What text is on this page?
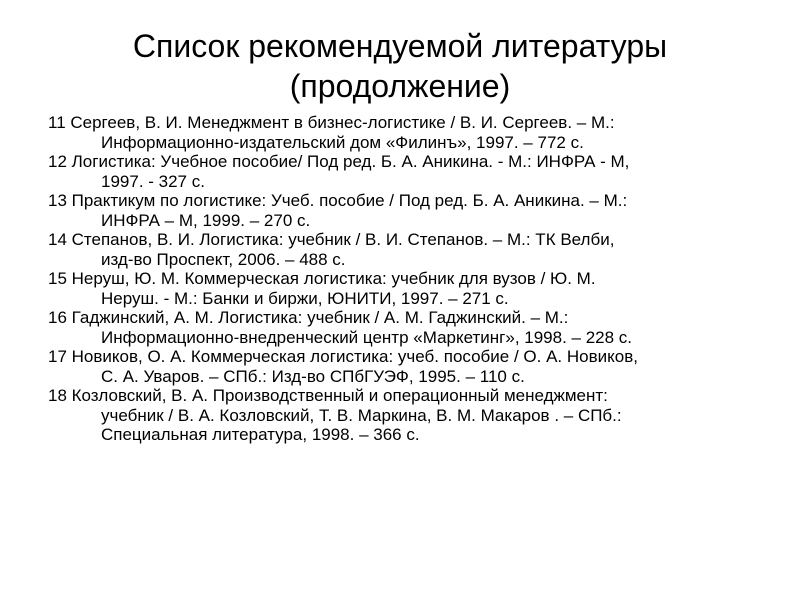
Список рекомендуемой литературы
(продолжение)
11 Сергеев, В. И. Менеджмент в бизнес-логистике / В. И. Сергеев. – М.:
Информационно-издательский дом «Филинъ», 1997. – 772 с.
12 Логистика: Учебное пособие/ Под ред. Б. А. Аникина. - М.: ИНФРА - М,
1997. - 327 с.
13 Практикум по логистике: Учеб. пособие / Под ред. Б. А. Аникина. – М.:
ИНФРА – М, 1999. – 270 с.
14 Степанов, В. И. Логистика: учебник / В. И. Степанов. – М.: ТК Велби,
изд-во Проспект, 2006. – 488 с.
15 Неруш, Ю. М. Коммерческая логистика: учебник для вузов / Ю. М.
Неруш. - М.: Банки и биржи, ЮНИТИ, 1997. – 271 с.
16 Гаджинский, А. М. Логистика: учебник / А. М. Гаджинский. – М.:
Информационно-внедренческий центр «Маркетинг», 1998. – 228 с.
17 Новиков, О. А. Коммерческая логистика: учеб. пособие / О. А. Новиков,
С. А. Уваров. – СПб.: Изд-во СПбГУЭФ, 1995. – 110 с.
18 Козловский, В. А. Производственный и операционный менеджмент:
учебник / В. А. Козловский, Т. В. Маркина, В. М. Макаров . – СПб.:
Специальная литература, 1998. – 366 с.
